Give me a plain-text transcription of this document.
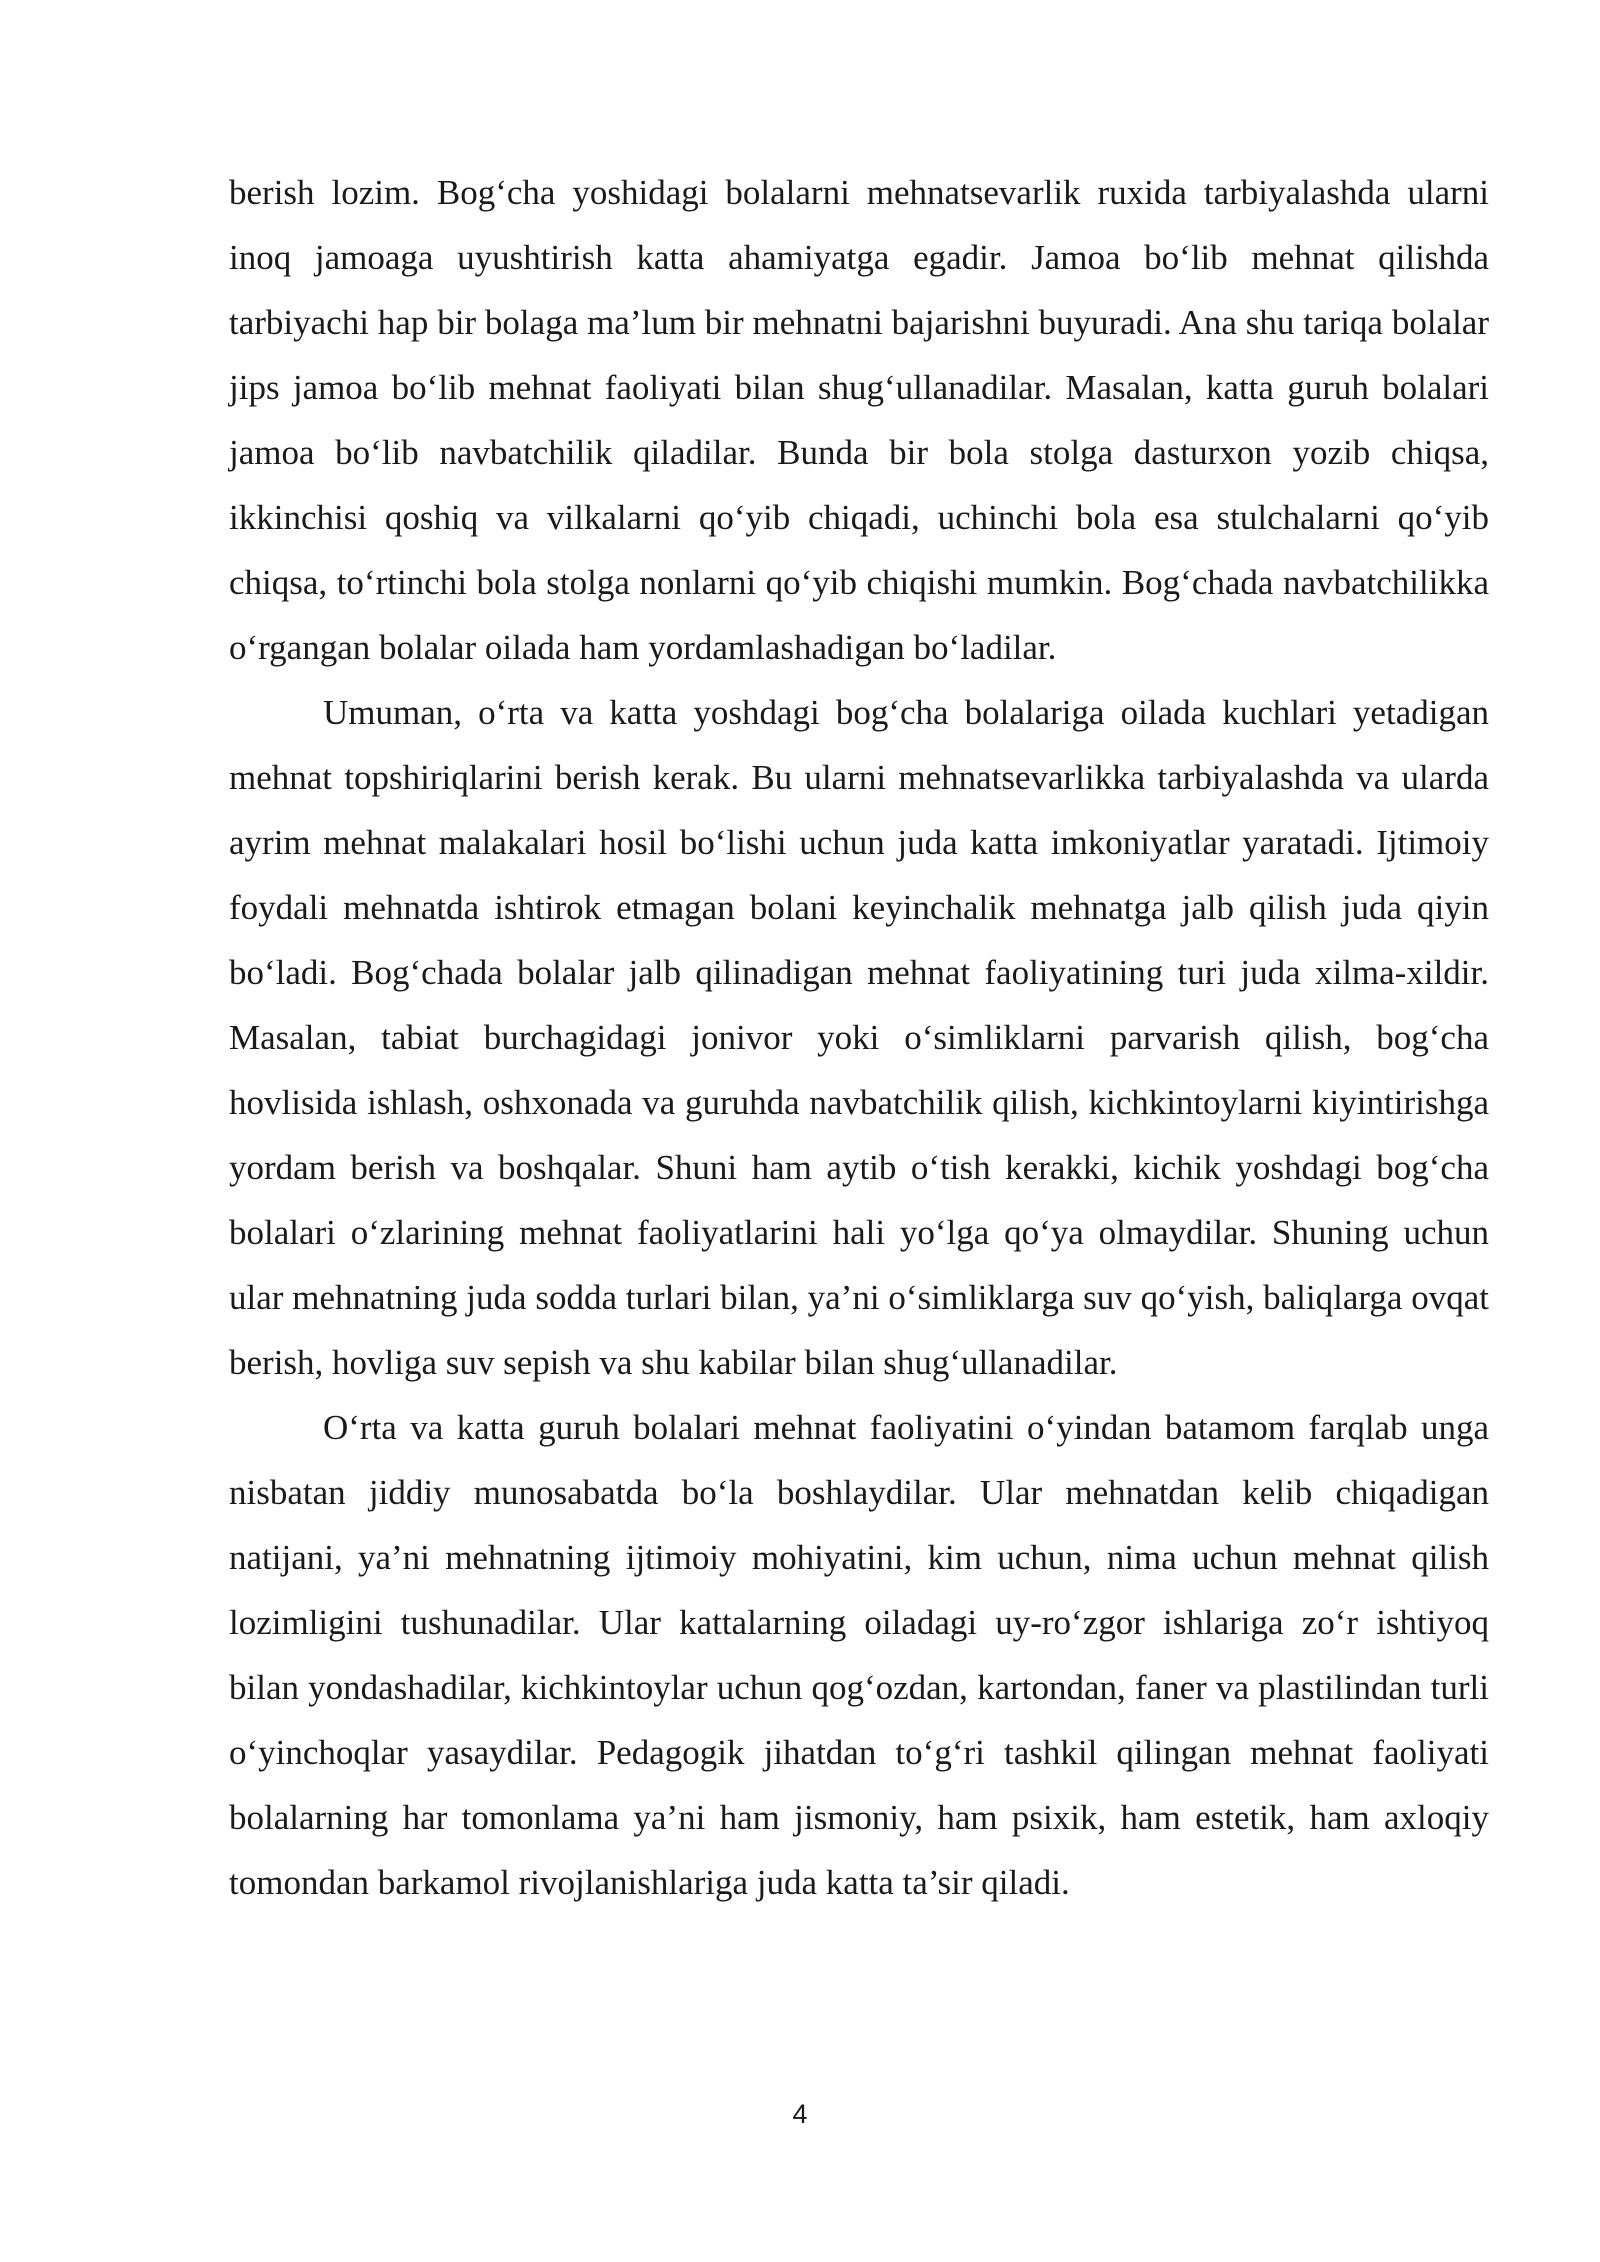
berish lozim. Bog‘cha yoshidagi bolalarni mehnatsevarlik ruxida tarbiyalashda ularni inoq jamoaga uyushtirish katta ahamiyatga egadir. Jamoa bo‘lib mehnat qilishda tarbiyachi hap bir bolaga ma’lum bir mehnatni bajarishni buyuradi. Ana shu tariqa bolalar jips jamoa bo‘lib mehnat faoliyati bilan shug‘ullanadilar. Masalan, katta guruh bolalari jamoa bo‘lib navbatchilik qiladilar. Bunda bir bola stolga dasturxon yozib chiqsa, ikkinchisi qoshiq va vilkalarni qo‘yib chiqadi, uchinchi bola esa stulchalarni qo‘yib chiqsa, to‘rtinchi bola stolga nonlarni qo‘yib chiqishi mumkin. Bog‘chada navbatchilikka o‘rgangan bolalar oilada ham yordamlashadigan bo‘ladilar.

Umuman, o‘rta va katta yoshdagi bog‘cha bolalariga oilada kuchlari yetadigan mehnat topshiriqlarini berish kerak. Bu ularni mehnatsevarlikka tarbiyalashda va ularda ayrim mehnat malakalari hosil bo‘lishi uchun juda katta imkoniyatlar yaratadi. Ijtimoiy foydali mehnatda ishtirok etmagan bolani keyinchalik mehnatga jalb qilish juda qiyin bo‘ladi. Bog‘chada bolalar jalb qilinadigan mehnat faoliyatining turi juda xilma-xildir. Masalan, tabiat burchagidagi jonivor yoki o‘simliklarni parvarish qilish, bog‘cha hovlisida ishlash, oshxonada va guruhda navbatchilik qilish, kichkintoylarni kiyintirishga yordam berish va boshqalar. Shuni ham aytib o‘tish kerakki, kichik yoshdagi bog‘cha bolalari o‘zlarining mehnat faoliyatlarini hali yo‘lga qo‘ya olmaydilar. Shuning uchun ular mehnatning juda sodda turlari bilan, ya’ni o‘simliklarga suv qo‘yish, baliqlarga ovqat berish, hovliga suv sepish va shu kabilar bilan shug‘ullanadilar.

O‘rta va katta guruh bolalari mehnat faoliyatini o‘yindan batamom farqlab unga nisbatan jiddiy munosabatda bo‘la boshlaydilar. Ular mehnatdan kelib chiqadigan natijani, ya’ni mehnatning ijtimoiy mohiyatini, kim uchun, nima uchun mehnat qilish lozimligini tushunadilar. Ular kattalarning oiladagi uy-ro‘zgor ishlariga zo‘r ishtiyoq bilan yondashadilar, kichkintoylar uchun qog‘ozdan, kartondan, faner va plastilindan turli o‘yinchoqlar yasaydilar. Pedagogik jihatdan to‘g‘ri tashkil qilingan mehnat faoliyati bolalarning har tomonlama ya’ni ham jismoniy, ham psixik, ham estetik, ham axloqiy tomondan barkamol rivojlanishlariga juda katta ta’sir qiladi.

4
